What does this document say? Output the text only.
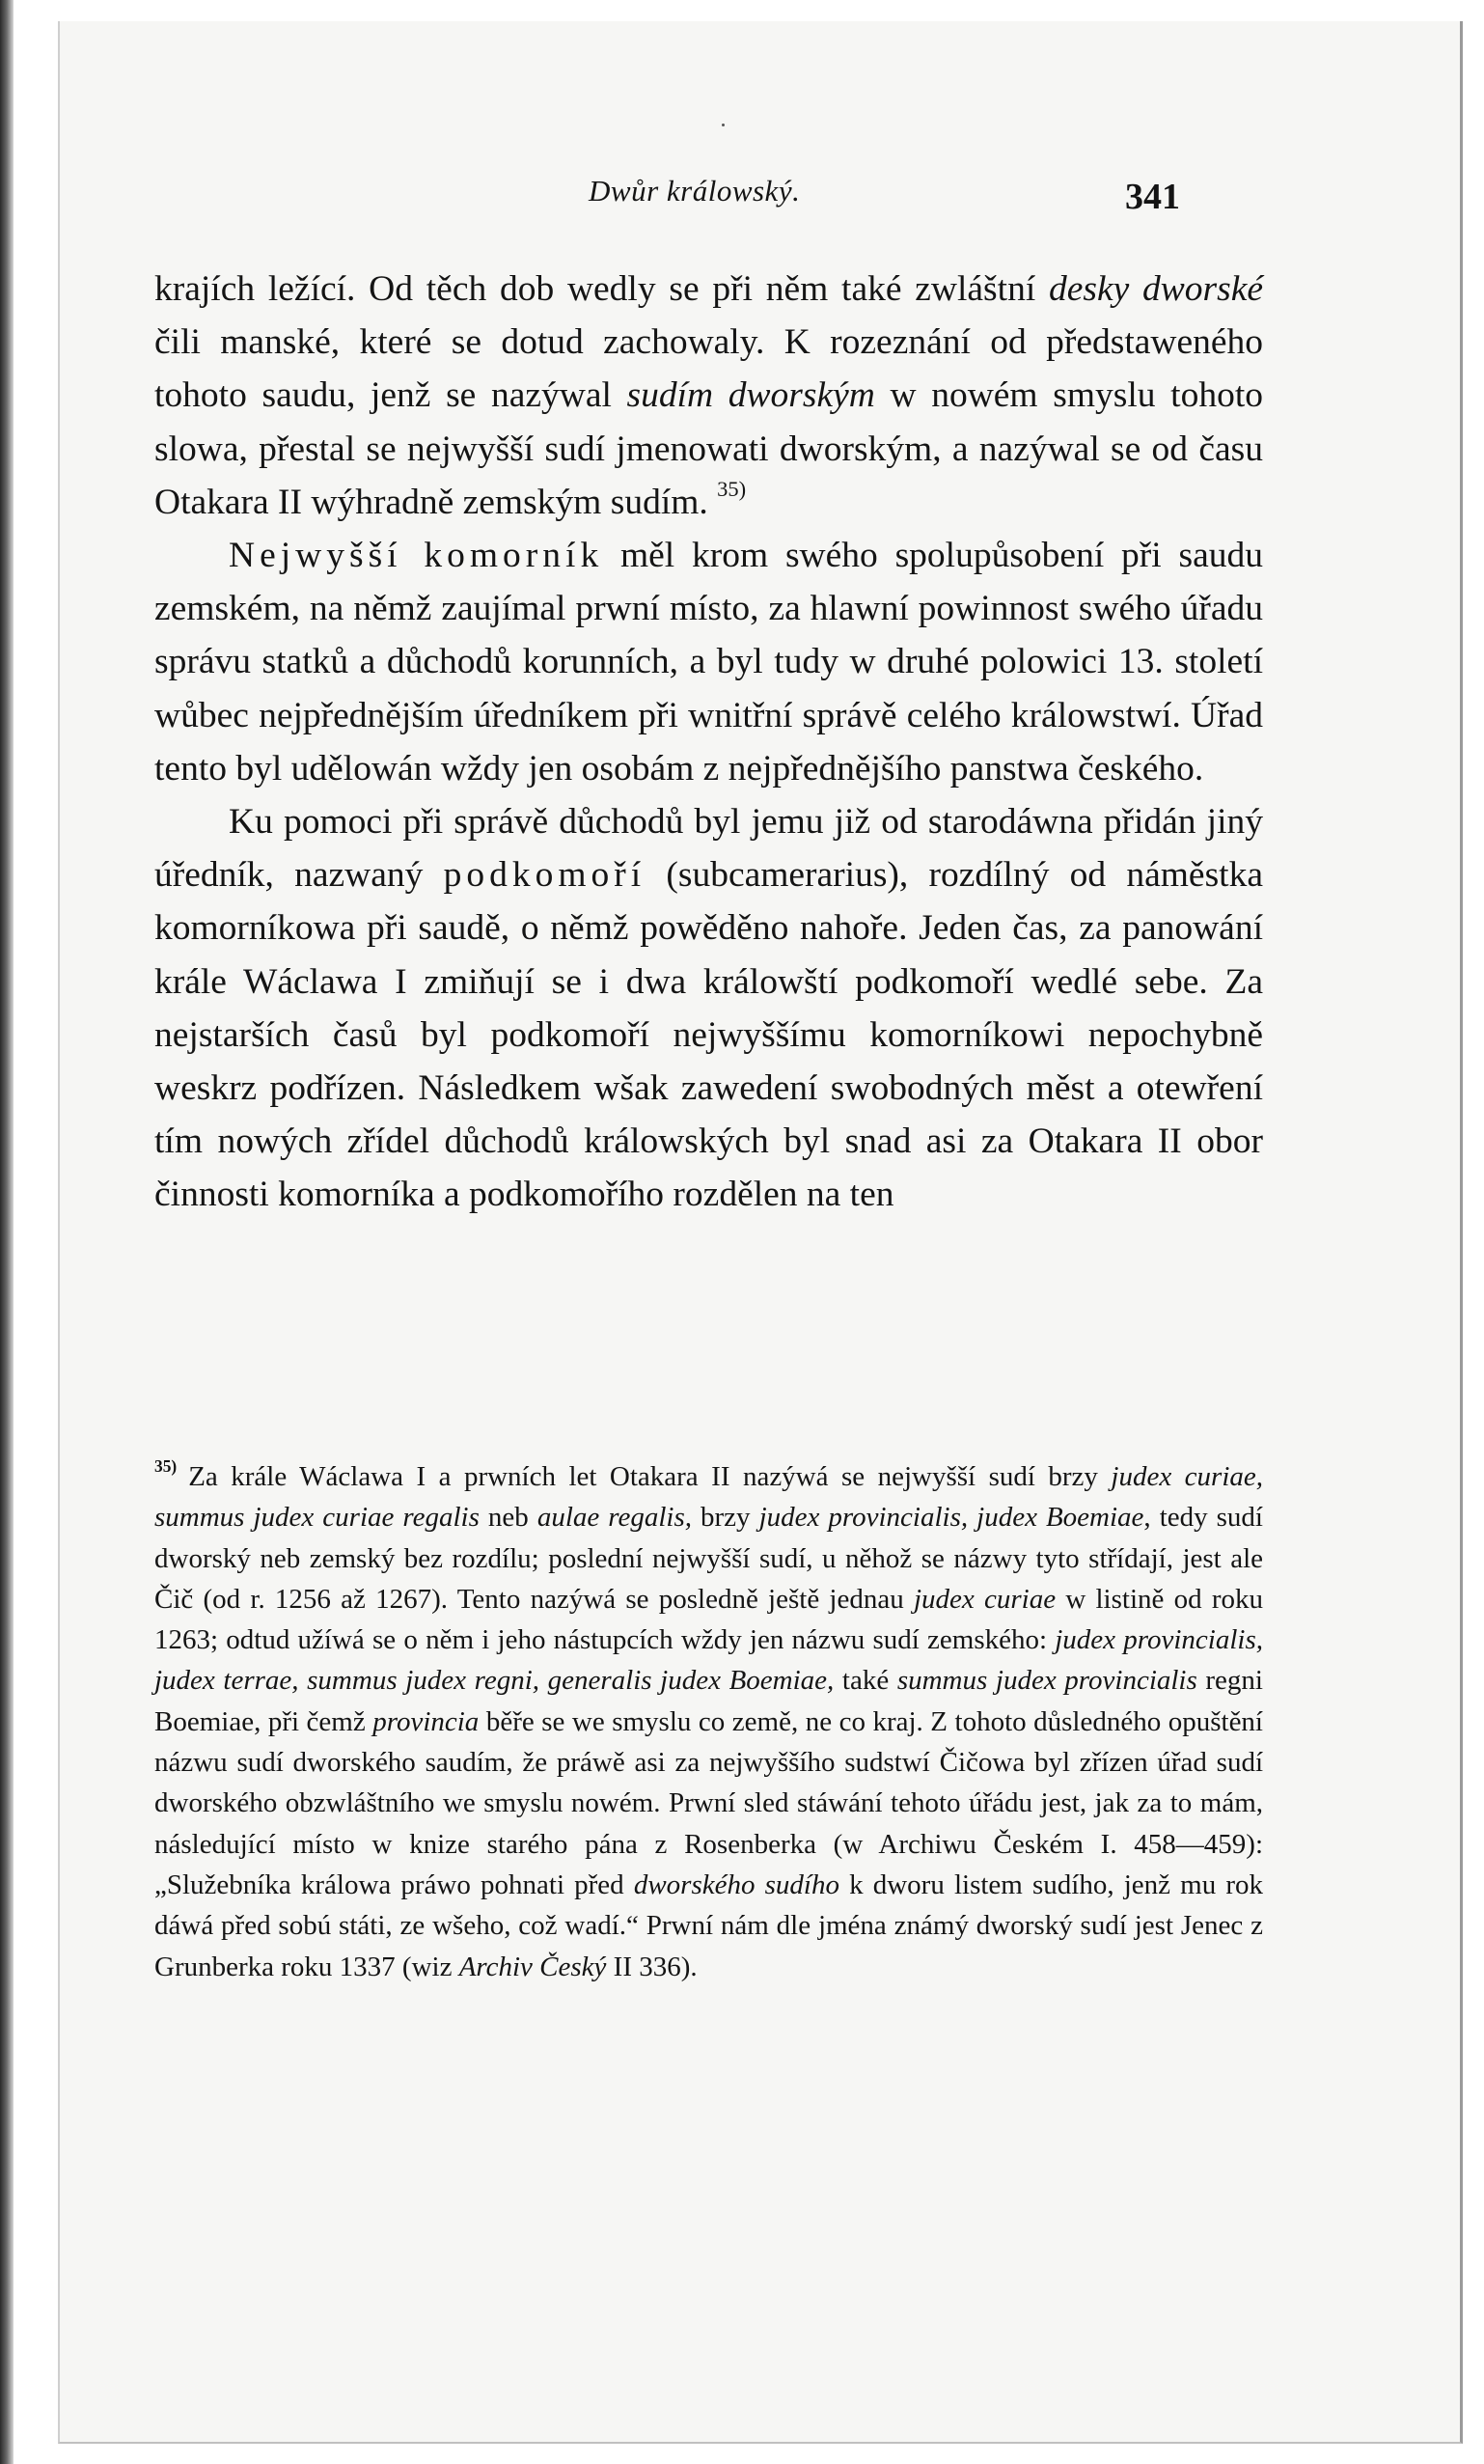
Dwůr králowský.	341

krajích ležící. Od těch dob wedly se při něm také zwláštní desky dworské čili manské, které se dotud zachowaly. K rozeznání od předstaweného tohoto saudu, jenž se nazýwal sudím dworským w nowém smyslu tohoto slowa, přestal se nejwyšší sudí jmenowati dworským, a nazýwal se od času Otakara II wýhradně zemským sudím. $^{35)}$

Nejwyšší komorník měl krom swého spolupůsobení při saudu zemském, na němž zaujímal prwní místo, za hlawní powinnost swého úřadu správu statků a důchodů korunních, a byl tudy w druhé polowici 13. století wůbec nejpřednějším úředníkem při wnitřní správě celého králowstwí. Úřad tento byl udělowán wždy jen osobám z nejpřednějšího panstwa českého.

Ku pomoci při správě důchodů byl jemu již od starodáwna přidán jiný úředník, nazwaný podkomoří (subcamerarius), rozdílný od náměstka komorníkowa při saudě, o němž powěděno nahoře. Jeden čas, za panowání krále Wáclawa I zmiňují se i dwa králowští podkomoří wedlé sebe. Za nejstarších časů byl podkomoří nejwyššímu komorníkowi nepochybně weskrz podřízen. Následkem wšak zawedení swobodných měst a otewření tím nowých zřídel důchodů králowských byl snad asi za Otakara II obor činnosti komorníka a podkomořího rozdělen na ten

$^{35)}$ Za krále Wáclawa I a prwních let Otakara II nazýwá se nejwyšší sudí brzy judex curiae, summus judex curiae regalis neb aulae regalis, brzy judex provincialis, judex Boemiae, tedy sudí dworský neb zemský bez rozdílu; poslední nejwyšší sudí, u něhož se názwy tyto střídají, jest ale Čič (od r. 1256 až 1267). Tento nazýwá se posledně ještě jednau judex curiae w listině od roku 1263; odtud užíwá se o něm i jeho nástupcích wždy jen názwu sudí zemského: judex provincialis, judex terrae, summus judex regni, generalis judex Boemiae, také summus judex provincialis regni Boemiae, při čemž provincia běře se we smyslu co země, ne co kraj. Z tohoto důsledného opuštění názwu sudí dworského saudím, že práwě asi za nejwyššího sudstwí Čičowa byl zřízen úřad sudí dworského obzwláštního we smyslu nowém. Prwní sled stáwání tehoto úřádu jest, jak za to mám, následující místo w knize starého pána z Rosenberka (w Archiwu Českém I. 458—459): „Služebníka králowa práwo pohnati před dworského sudího k dworu listem sudího, jenž mu rok dáwá před sobú státi, ze wšeho, což wadí.“ Prwní nám dle jména známý dworský sudí jest Jenec z Grunberka roku 1337 (wiz Archiv Český II 336).
